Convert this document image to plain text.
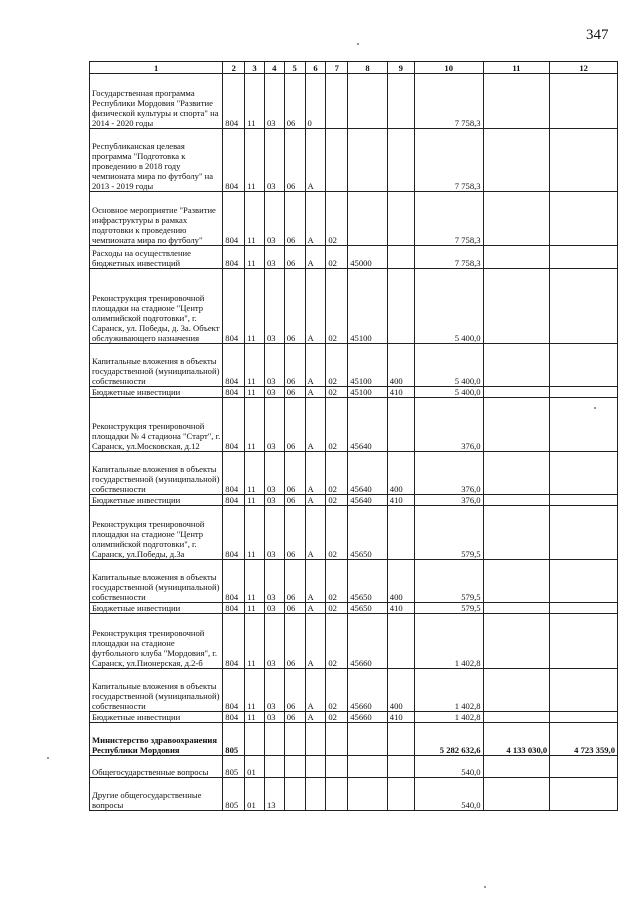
347
1	2	3	4	5	6	7	8	9	10	11	12
Государственная программа Республики Мордовия "Развитие физической культуры и спорта" на 2014 - 2020 годы	804	11	03	06	0				7 758,3		
Республиканская целевая программа "Подготовка к проведению в 2018 году чемпионата мира по футболу" на 2013 - 2019 годы	804	11	03	06	А				7 758,3		
Основное мероприятие "Развитие инфраструктуры в рамках подготовки к проведению чемпионата мира по футболу"	804	11	03	06	А	02			7 758,3		
Расходы на осуществление бюджетных инвестиций	804	11	03	06	А	02	45000		7 758,3		
Реконструкция тренировочной площадки на стадионе "Центр олимпийской подготовки", г. Саранск, ул. Победы, д. 3а. Объект обслуживающего назначения	804	11	03	06	А	02	45100		5 400,0		
Капитальные вложения в объекты государственной (муниципальной) собственности	804	11	03	06	А	02	45100	400	5 400,0		
Бюджетные инвестиции	804	11	03	06	А	02	45100	410	5 400,0		
Реконструкция тренировочной площадки № 4 стадиона "Старт", г. Саранск, ул.Московская, д.12	804	11	03	06	А	02	45640		376,0		
Капитальные вложения в объекты государственной (муниципальной) собственности	804	11	03	06	А	02	45640	400	376,0		
Бюджетные инвестиции	804	11	03	06	А	02	45640	410	376,0		
Реконструкция тренировочной площадки на стадионе "Центр олимпийской подготовки", г. Саранск, ул.Победы, д.3а	804	11	03	06	А	02	45650		579,5		
Капитальные вложения в объекты государственной (муниципальной) собственности	804	11	03	06	А	02	45650	400	579,5		
Бюджетные инвестиции	804	11	03	06	А	02	45650	410	579,5		
Реконструкция тренировочной площадки на стадионе футбольного клуба "Мордовия", г. Саранск, ул.Пионерская, д.2-б	804	11	03	06	А	02	45660		1 402,8		
Капитальные вложения в объекты государственной (муниципальной) собственности	804	11	03	06	А	02	45660	400	1 402,8		
Бюджетные инвестиции	804	11	03	06	А	02	45660	410	1 402,8		
Министерство здравоохранения Республики Мордовия	805								5 282 632,6	4 133 030,0	4 723 359,0
Общегосударственные вопросы	805	01							540,0		
Другие общегосударственные вопросы	805	01	13						540,0		
